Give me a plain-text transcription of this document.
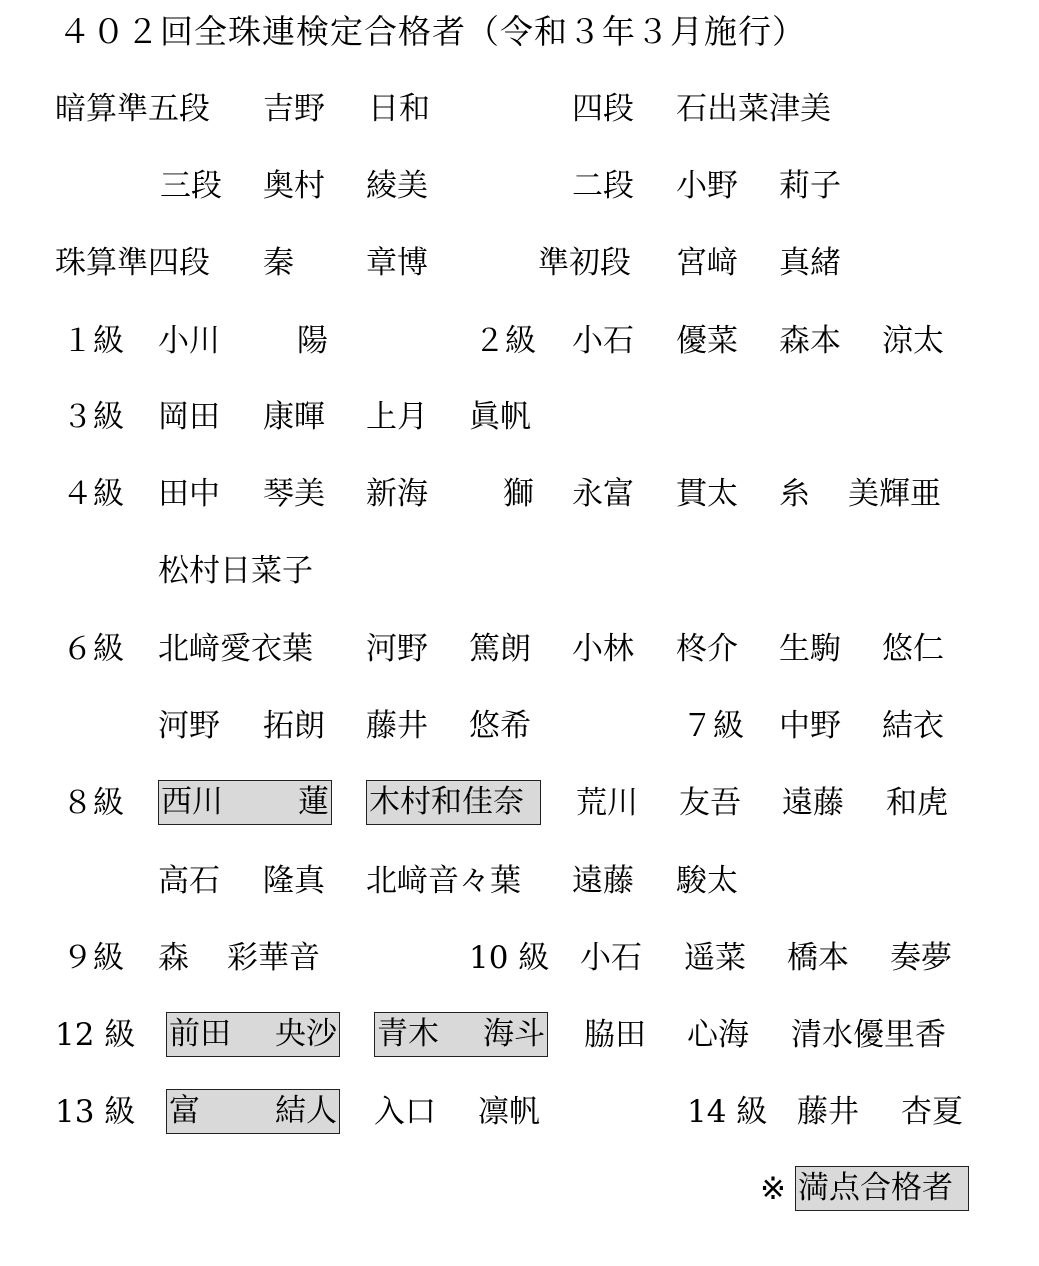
４０２回全珠連検定合格者（令和３年３月施行）
暗算準五段 吉野 日和	四段 石出菜津美
三段 奥村 綾美	二段 小野 莉子
珠算準四段 秦 章博	準初段 宮﨑 真緒
１級 小川 陽	２級 小石 優菜 森本 涼太
３級 岡田 康暉 上月 眞帆
４級 田中 琴美 新海 獅 永富 貫太 糸 美輝亜
松村日菜子
６級 北﨑愛衣葉 河野 篤朗 小林 柊介 生駒 悠仁
河野 拓朗 藤井 悠希	７級 中野 結衣
８級 西川 蓮 木村和佳奈	荒川 友吾 遠藤 和虎
高石 隆真 北﨑音々葉 遠藤 駿太
９級 森 彩華音	10 級 小石 遥菜 橋本 奏夢
12 級 前田 央沙 青木 海斗 脇田 心海 清水優里香
13 級 富 結人 入口 凛帆	14 級 藤井 杏夏
※ 満点合格者
